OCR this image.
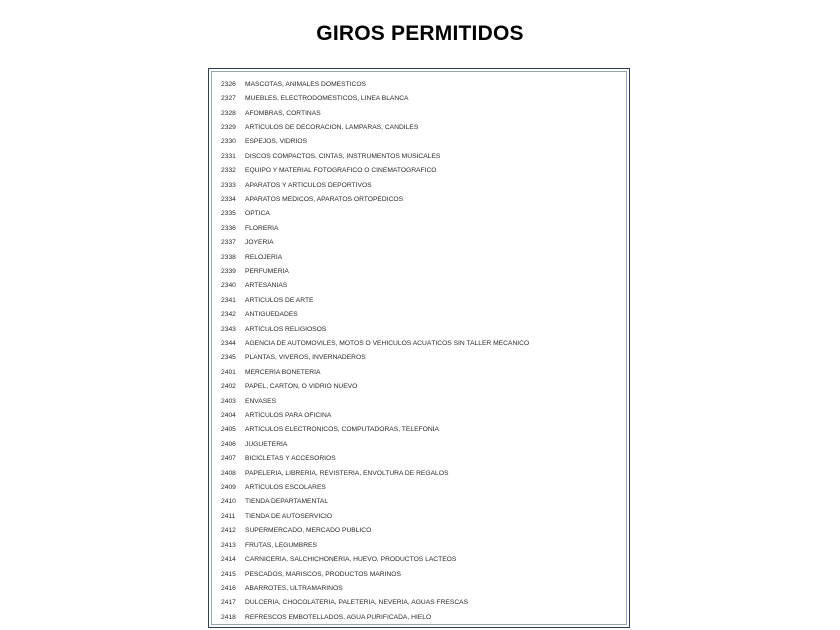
GIROS PERMITIDOS
2326	MASCOTAS, ANIMALES DOMÉSTICOS
2327	MUEBLES, ELECTRODOMÉSTICOS, LÍNEA BLANCA
2328	AFOMBRAS, CORTINAS
2329	ARTÍCULOS DE DECORACIÓN, LÁMPARAS, CANDILES
2330	ESPEJOS, VIDRIOS
2331	DISCOS COMPACTOS, CINTAS, INSTRUMENTOS MUSICALES
2332	EQUIPO Y MATERIAL FOTOGRÁFICO O CINEMATOGRÁFICO
2333	APARATOS Y ARTÍCULOS DEPORTIVOS
2334	APARATOS MÉDICOS, APARATOS ORTOPÉDICOS
2335	ÓPTICA
2336	FLORERÍA
2337	JOYERÍA
2338	RELOJERÍA
2339	PERFUMERÍA
2340	ARTESANIAS
2341	ARTÍCULOS DE ARTE
2342	ANTIGÜEDADES
2343	ARTÍCULOS RELIGIOSOS
2344	AGENCIA DE AUTOMÓVILES, MOTOS O VEHÍCULOS ACUÁTICOS SIN TALLER MECÁNICO
2345	PLANTAS, VIVEROS, INVERNADEROS
2401	MERCERÍA BONETERÍA
2402	PAPEL, CARTÓN, O VIDRIO NUEVO
2403	ENVASES
2404	ARTÍCULOS PARA OFICINA
2405	ARTÍCULOS ELECTRÓNICOS, COMPUTADORAS, TELEFONÍA
2406	JUGUETERÍA
2407	BICICLETAS Y ACCESORIOS
2408	PAPELERÍA, LIBRERÍA, REVISTERÍA, ENVOLTURA DE REGALOS
2409	ARTÍCULOS ESCOLARES
2410	TIENDA DEPARTAMENTAL
2411	TIENDA DE AUTOSERVICIO
2412	SUPERMERCADO, MERCADO PÚBLICO
2413	FRUTAS, LEGUMBRES
2414	CARNICERÍA, SALCHICHONERÍA, HUEVO, PRODUCTOS LÁCTEOS
2415	PESCADOS, MARISCOS, PRODUCTOS MARINOS
2416	ABARROTES, ULTRAMARINOS
2417	DULCERÍA, CHOCOLATERÍA, PALETERÍA, NEVERÍA, AGUAS FRESCAS
2418	REFRESCOS EMBOTELLADOS, AGUA PURIFICADA, HIELO
